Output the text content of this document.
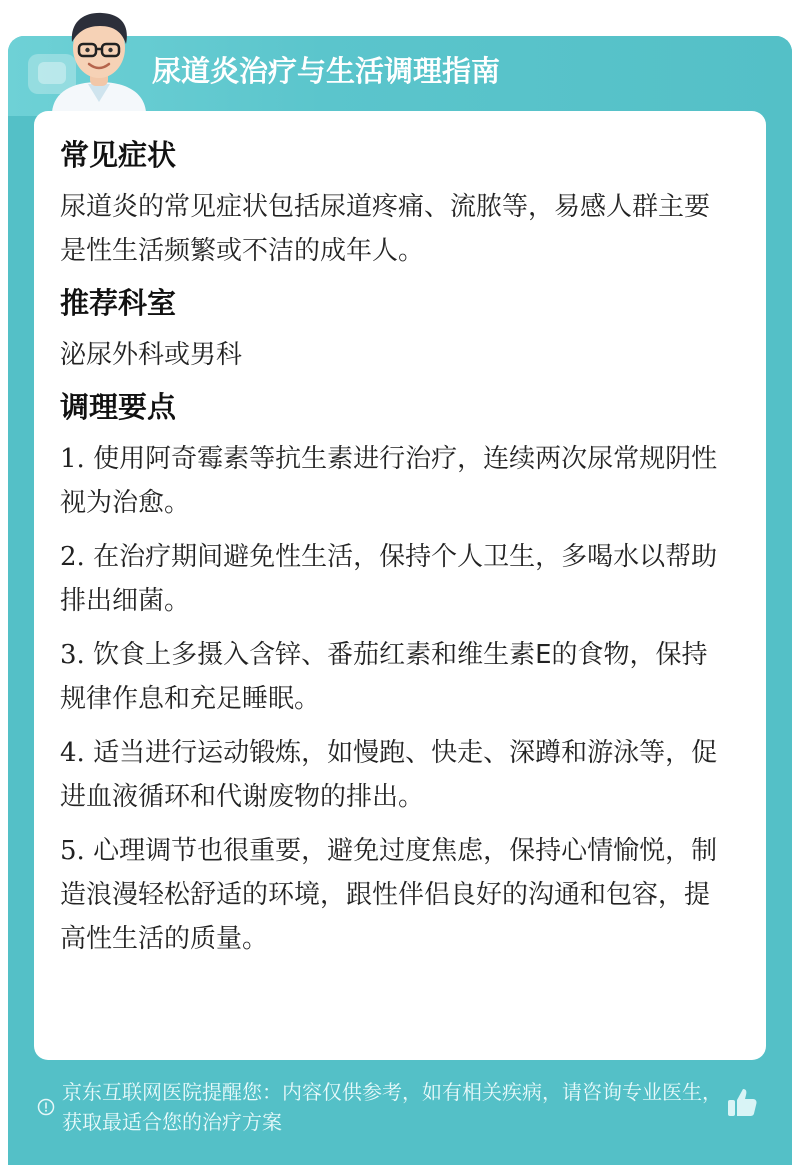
尿道炎治疗与生活调理指南
常见症状
尿道炎的常见症状包括尿道疼痛、流脓等，易感人群主要是性生活频繁或不洁的成年人。
推荐科室
泌尿外科或男科
调理要点
1. 使用阿奇霉素等抗生素进行治疗，连续两次尿常规阴性视为治愈。
2. 在治疗期间避免性生活，保持个人卫生，多喝水以帮助排出细菌。
3. 饮食上多摄入含锌、番茄红素和维生素E的食物，保持规律作息和充足睡眠。
4. 适当进行运动锻炼，如慢跑、快走、深蹲和游泳等，促进血液循环和代谢废物的排出。
5. 心理调节也很重要，避免过度焦虑，保持心情愉悦，制造浪漫轻松舒适的环境，跟性伴侣良好的沟通和包容，提高性生活的质量。
京东互联网医院提醒您：内容仅供参考，如有相关疾病，请咨询专业医生，获取最适合您的治疗方案
